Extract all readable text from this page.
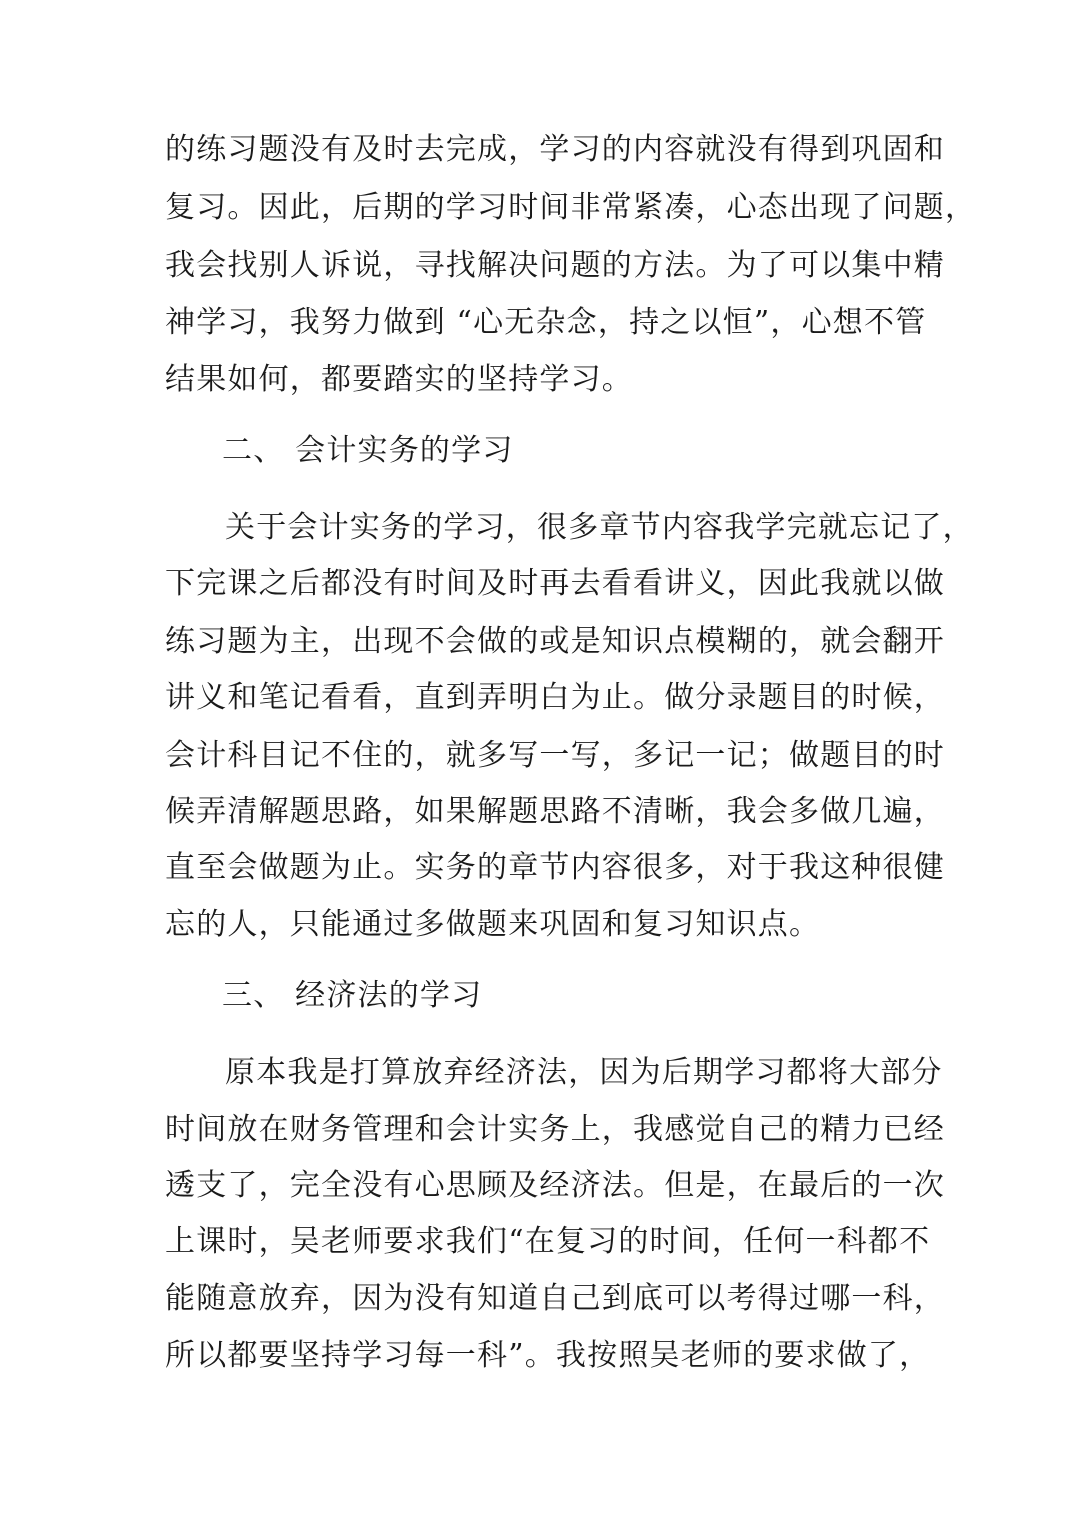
的练习题没有及时去完成，学习的内容就没有得到巩固和
复习。因此，后期的学习时间非常紧凑，心态出现了问题，
我会找别人诉说，寻找解决问题的方法。为了可以集中精
神学习，我努力做到 “心无杂念，持之以恒”，心想不管
结果如何，都要踏实的坚持学习。
二、 会计实务的学习
关于会计实务的学习，很多章节内容我学完就忘记了，
下完课之后都没有时间及时再去看看讲义，因此我就以做
练习题为主，出现不会做的或是知识点模糊的，就会翻开
讲义和笔记看看，直到弄明白为止。做分录题目的时候，
会计科目记不住的，就多写一写，多记一记；做题目的时
候弄清解题思路，如果解题思路不清晰，我会多做几遍，
直至会做题为止。实务的章节内容很多，对于我这种很健
忘的人，只能通过多做题来巩固和复习知识点。
三、 经济法的学习
原本我是打算放弃经济法，因为后期学习都将大部分
时间放在财务管理和会计实务上，我感觉自己的精力已经
透支了，完全没有心思顾及经济法。但是，在最后的一次
上课时，吴老师要求我们“在复习的时间，任何一科都不
能随意放弃，因为没有知道自己到底可以考得过哪一科，
所以都要坚持学习每一科”。我按照吴老师的要求做了，
